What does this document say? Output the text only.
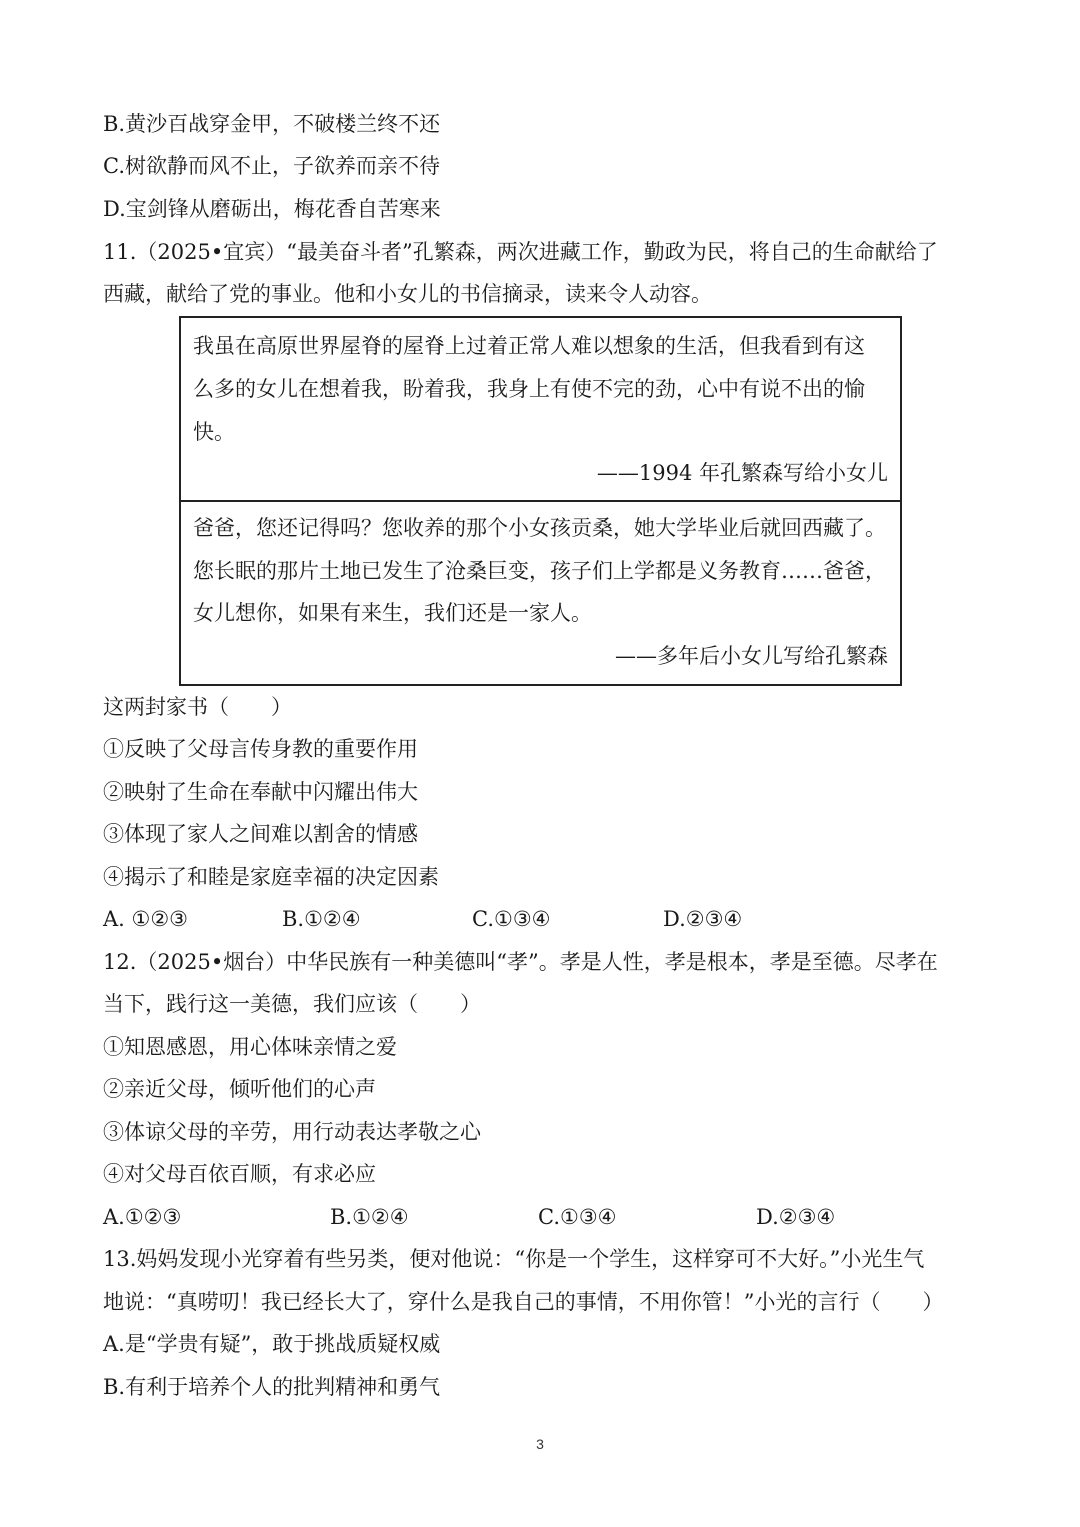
B.黄沙百战穿金甲，不破楼兰终不还
C.树欲静而风不止，子欲养而亲不待
D.宝剑锋从磨砺出，梅花香自苦寒来
11.（2025•宜宾）“最美奋斗者”孔繁森，两次进藏工作，勤政为民，将自己的生命献给了
西藏，献给了党的事业。他和小女儿的书信摘录，读来令人动容。
我虽在高原世界屋脊的屋脊上过着正常人难以想象的生活，但我看到有这
么多的女儿在想着我，盼着我，我身上有使不完的劲，心中有说不出的愉
快。
——1994 年孔繁森写给小女儿
爸爸，您还记得吗？您收养的那个小女孩贡桑，她大学毕业后就回西藏了。
您长眠的那片土地已发生了沧桑巨变，孩子们上学都是义务教育……爸爸，
女儿想你，如果有来生，我们还是一家人。
——多年后小女儿写给孔繁森
这两封家书（　　）
①反映了父母言传身教的重要作用
②映射了生命在奉献中闪耀出伟大
③体现了家人之间难以割舍的情感
④揭示了和睦是家庭幸福的决定因素
A. ①②③	B.①②④	C.①③④	D.②③④
12.（2025•烟台）中华民族有一种美德叫“孝”。孝是人性，孝是根本，孝是至德。尽孝在
当下，践行这一美德，我们应该（　　）
①知恩感恩，用心体味亲情之爱
②亲近父母，倾听他们的心声
③体谅父母的辛劳，用行动表达孝敬之心
④对父母百依百顺，有求必应
A.①②③	B.①②④	C.①③④	D.②③④
13.妈妈发现小光穿着有些另类，便对他说：“你是一个学生，这样穿可不大好。”小光生气
地说：“真唠叨！我已经长大了，穿什么是我自己的事情，不用你管！”小光的言行（　　）
A.是“学贵有疑”，敢于挑战质疑权威
B.有利于培养个人的批判精神和勇气
3
